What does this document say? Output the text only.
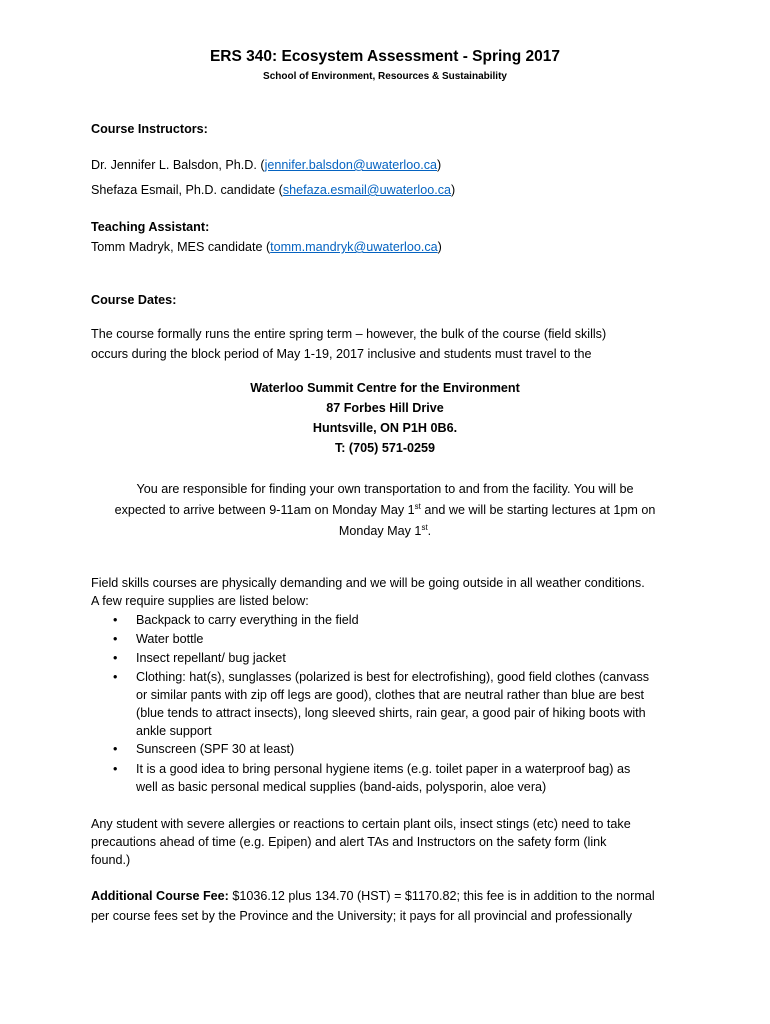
ERS 340: Ecosystem Assessment - Spring 2017
School of Environment, Resources & Sustainability
Course Instructors:
Dr. Jennifer L. Balsdon, Ph.D. (jennifer.balsdon@uwaterloo.ca)
Shefaza Esmail, Ph.D. candidate (shefaza.esmail@uwaterloo.ca)
Teaching Assistant:
Tomm Madryk, MES candidate (tomm.mandryk@uwaterloo.ca)
Course Dates:
The course formally runs the entire spring term – however, the bulk of the course (field skills)
occurs during the block period of May 1-19, 2017 inclusive and students must travel to the
Waterloo Summit Centre for the Environment
87 Forbes Hill Drive
Huntsville, ON P1H 0B6.
T: (705) 571-0259
You are responsible for finding your own transportation to and from the facility. You will be
expected to arrive between 9-11am on Monday May 1st and we will be starting lectures at 1pm on
Monday May 1st.
Field skills courses are physically demanding and we will be going outside in all weather conditions.
A few require supplies are listed below:
• Backpack to carry everything in the field
• Water bottle
• Insect repellant/ bug jacket
• Clothing: hat(s), sunglasses (polarized is best for electrofishing), good field clothes (canvass
or similar pants with zip off legs are good), clothes that are neutral rather than blue are best
(blue tends to attract insects), long sleeved shirts, rain gear, a good pair of hiking boots with
ankle support
• Sunscreen (SPF 30 at least)
• It is a good idea to bring personal hygiene items (e.g. toilet paper in a waterproof bag) as
well as basic personal medical supplies (band-aids, polysporin, aloe vera)
Any student with severe allergies or reactions to certain plant oils, insect stings (etc) need to take
precautions ahead of time (e.g. Epipen) and alert TAs and Instructors on the safety form (link
found.)
Additional Course Fee: $1036.12 plus 134.70 (HST) = $1170.82; this fee is in addition to the normal
per course fees set by the Province and the University; it pays for all provincial and professionally
